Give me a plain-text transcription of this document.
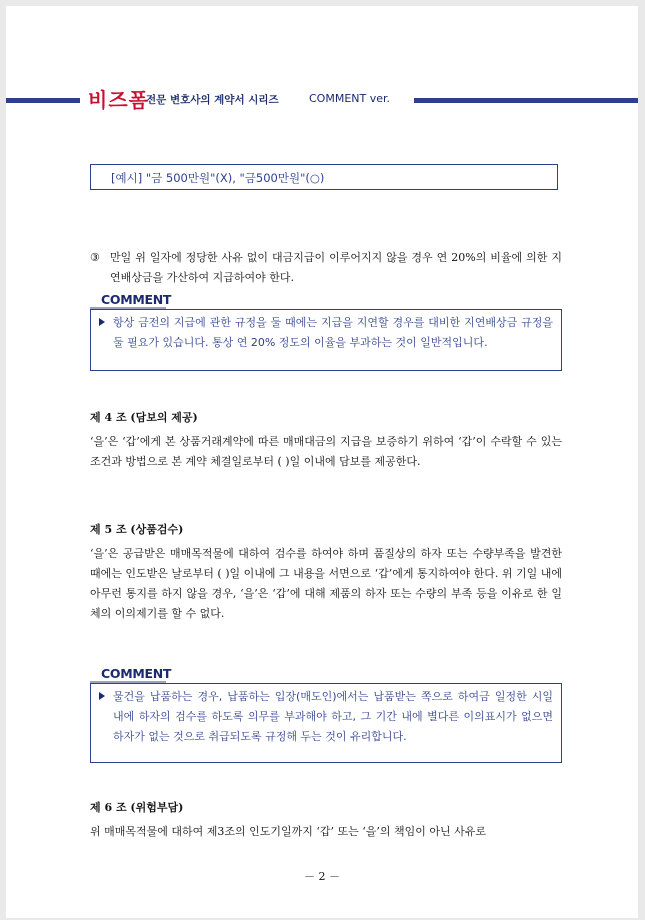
비즈폼
전문 변호사의 계약서 시리즈	COMMENT ver.
[예시] "금 500만원"(X), "금500만원"(○)
③ 만일 위 일자에 정당한 사유 없이 대금지급이 이루어지지 않을 경우 연 20%의 비율에 의한 지연배상금을 가산하여 지급하여야 한다.
COMMENT
항상 금전의 지급에 관한 규정을 둘 때에는 지급을 지연할 경우를 대비한 지연배상금 규정을 둘 필요가 있습니다. 통상 연 20% 정도의 이율을 부과하는 것이 일반적입니다.
제 4 조 (담보의 제공)
‘을’은 ‘갑’에게 본 상품거래계약에 따른 매매대금의 지급을 보증하기 위하여 ‘갑’이 수락할 수 있는 조건과 방법으로 본 계약 체결일로부터 ( )일 이내에 담보를 제공한다.
제 5 조 (상품검수)
‘을’은 공급받은 매매목적물에 대하여 검수를 하여야 하며 품질상의 하자 또는 수량부족을 발견한 때에는 인도받은 날로부터 ( )일 이내에 그 내용을 서면으로 ‘갑’에게 통지하여야 한다. 위 기일 내에 아무런 통지를 하지 않을 경우, ‘을’은 ‘갑’에 대해 제품의 하자 또는 수량의 부족 등을 이유로 한 일체의 이의제기를 할 수 없다.
COMMENT
물건을 납품하는 경우, 납품하는 입장(매도인)에서는 납품받는 쪽으로 하여금 일정한 시일 내에 하자의 검수를 하도록 의무를 부과해야 하고, 그 기간 내에 별다른 이의표시가 없으면 하자가 없는 것으로 취급되도록 규정해 두는 것이 유리합니다.
제 6 조 (위험부담)
위 매매목적물에 대하여 제3조의 인도기일까지 ‘갑’ 또는 ‘을’의 책임이 아닌 사유로
－ 2 －
